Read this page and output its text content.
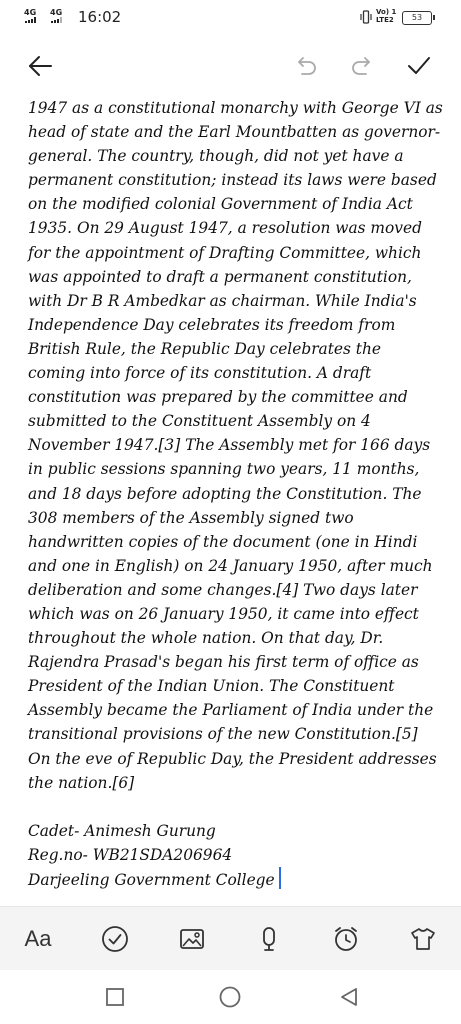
4G 4G 16:02	Vo) 1
LTE2	53

1947 as a constitutional monarchy with George VI as head of state and the Earl Mountbatten as governor-general. The country, though, did not yet have a permanent constitution; instead its laws were based on the modified colonial Government of India Act 1935. On 29 August 1947, a resolution was moved for the appointment of Drafting Committee, which was appointed to draft a permanent constitution, with Dr B R Ambedkar as chairman. While India's Independence Day celebrates its freedom from British Rule, the Republic Day celebrates the coming into force of its constitution. A draft constitution was prepared by the committee and submitted to the Constituent Assembly on 4 November 1947.[3] The Assembly met for 166 days in public sessions spanning two years, 11 months, and 18 days before adopting the Constitution. The 308 members of the Assembly signed two handwritten copies of the document (one in Hindi and one in English) on 24 January 1950, after much deliberation and some changes.[4] Two days later which was on 26 January 1950, it came into effect throughout the whole nation. On that day, Dr. Rajendra Prasad's began his first term of office as President of the Indian Union. The Constituent Assembly became the Parliament of India under the transitional provisions of the new Constitution.[5] On the eve of Republic Day, the President addresses the nation.[6]

Cadet- Animesh Gurung
Reg.no- WB21SDA206964
Darjeeling Government College
Aa
